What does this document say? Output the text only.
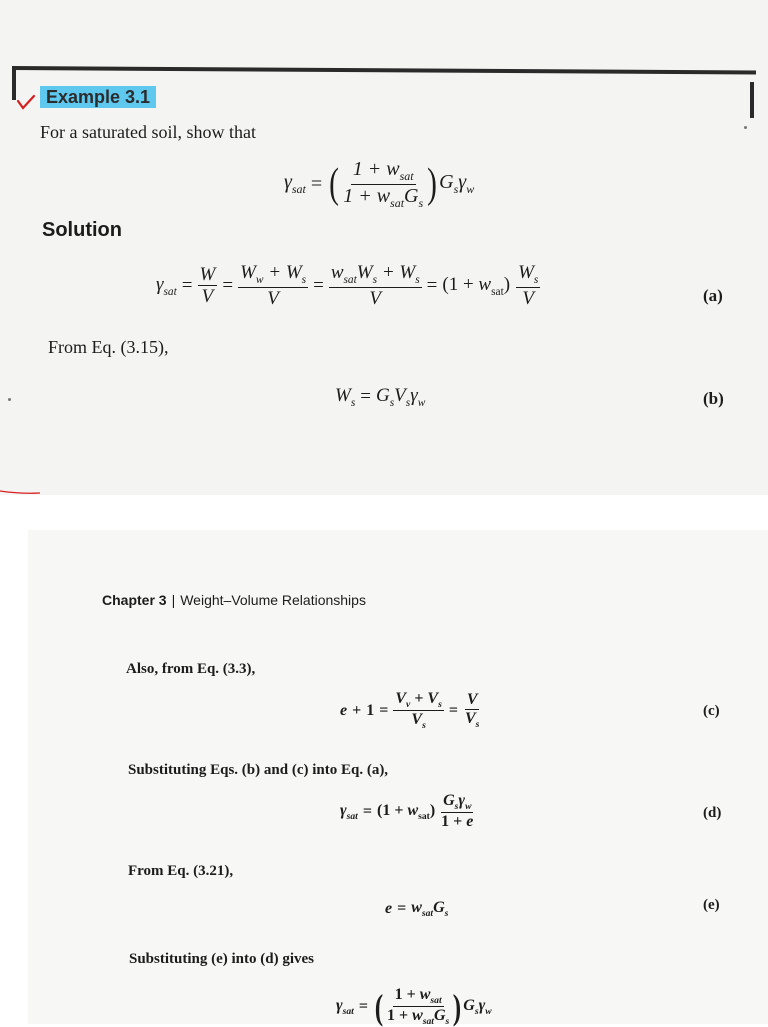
Example 3.1
For a saturated soil, show that
$\gamma_{sat}$ = ( $\frac{1 + w_{sat}}{1 + w_{sat}G_s}$ ) $G_s\gamma_w$
Solution
$\gamma_{sat} = \frac{W}{V} = \frac{W_w + W_s}{V} = \frac{w_{sat}W_s + W_s}{V} = (1 + w_{sat}) \frac{W_s}{V}$	(a)
From Eq. (3.15),
$W_s = G_sV_s\gamma_w$	(b)
Chapter 3 | Weight–Volume Relationships
Also, from Eq. (3.3),
$e + 1 = \frac{V_v + V_s}{V_s} = \frac{V}{V_s}$	(c)
Substituting Eqs. (b) and (c) into Eq. (a),
$\gamma_{sat} = (1 + w_{sat}) \frac{G_s\gamma_w}{1 + e}$	(d)
From Eq. (3.21),
$e = w_{sat}G_s$
(e)
Substituting (e) into (d) gives
$\gamma_{sat}$ = ( $\frac{1 + w_{sat}}{1 + w_{sat}G_s}$ ) $G_s\gamma_w$
